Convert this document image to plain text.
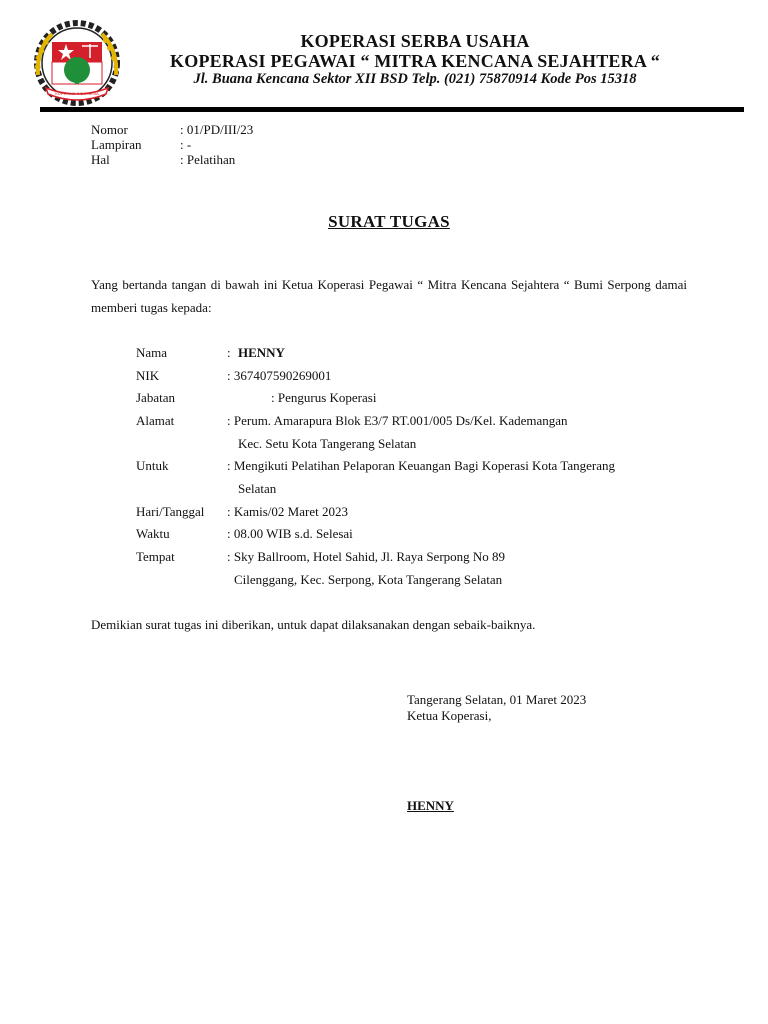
KOPERASI INDONESIA
KOPERASI SERBA USAHA
KOPERASI PEGAWAI “ MITRA KENCANA SEJAHTERA “
Jl. Buana Kencana Sektor XII BSD Telp. (021) 75870914 Kode Pos 15318
Nomor	: 01/PD/III/23
Lampiran	: -
Hal	: Pelatihan
SURAT TUGAS
Yang bertanda tangan di bawah ini Ketua Koperasi Pegawai “ Mitra Kencana Sejahtera “ Bumi Serpong damai memberi tugas kepada:
Nama	: HENNY
NIK	: 367407590269001
Jabatan	: Pengurus Koperasi
Alamat	: Perum. Amarapura Blok E3/7 RT.001/005 Ds/Kel. Kademangan
Kec. Setu Kota Tangerang Selatan
Untuk	: Mengikuti Pelatihan Pelaporan Keuangan Bagi Koperasi Kota Tangerang
Selatan
Hari/Tanggal : Kamis/02 Maret 2023
Waktu	: 08.00 WIB s.d. Selesai
Tempat	: Sky Ballroom, Hotel Sahid, Jl. Raya Serpong No 89
Cilenggang, Kec. Serpong, Kota Tangerang Selatan
Demikian surat tugas ini diberikan, untuk dapat dilaksanakan dengan sebaik-baiknya.
Tangerang Selatan, 01 Maret 2023
Ketua Koperasi,
HENNY
